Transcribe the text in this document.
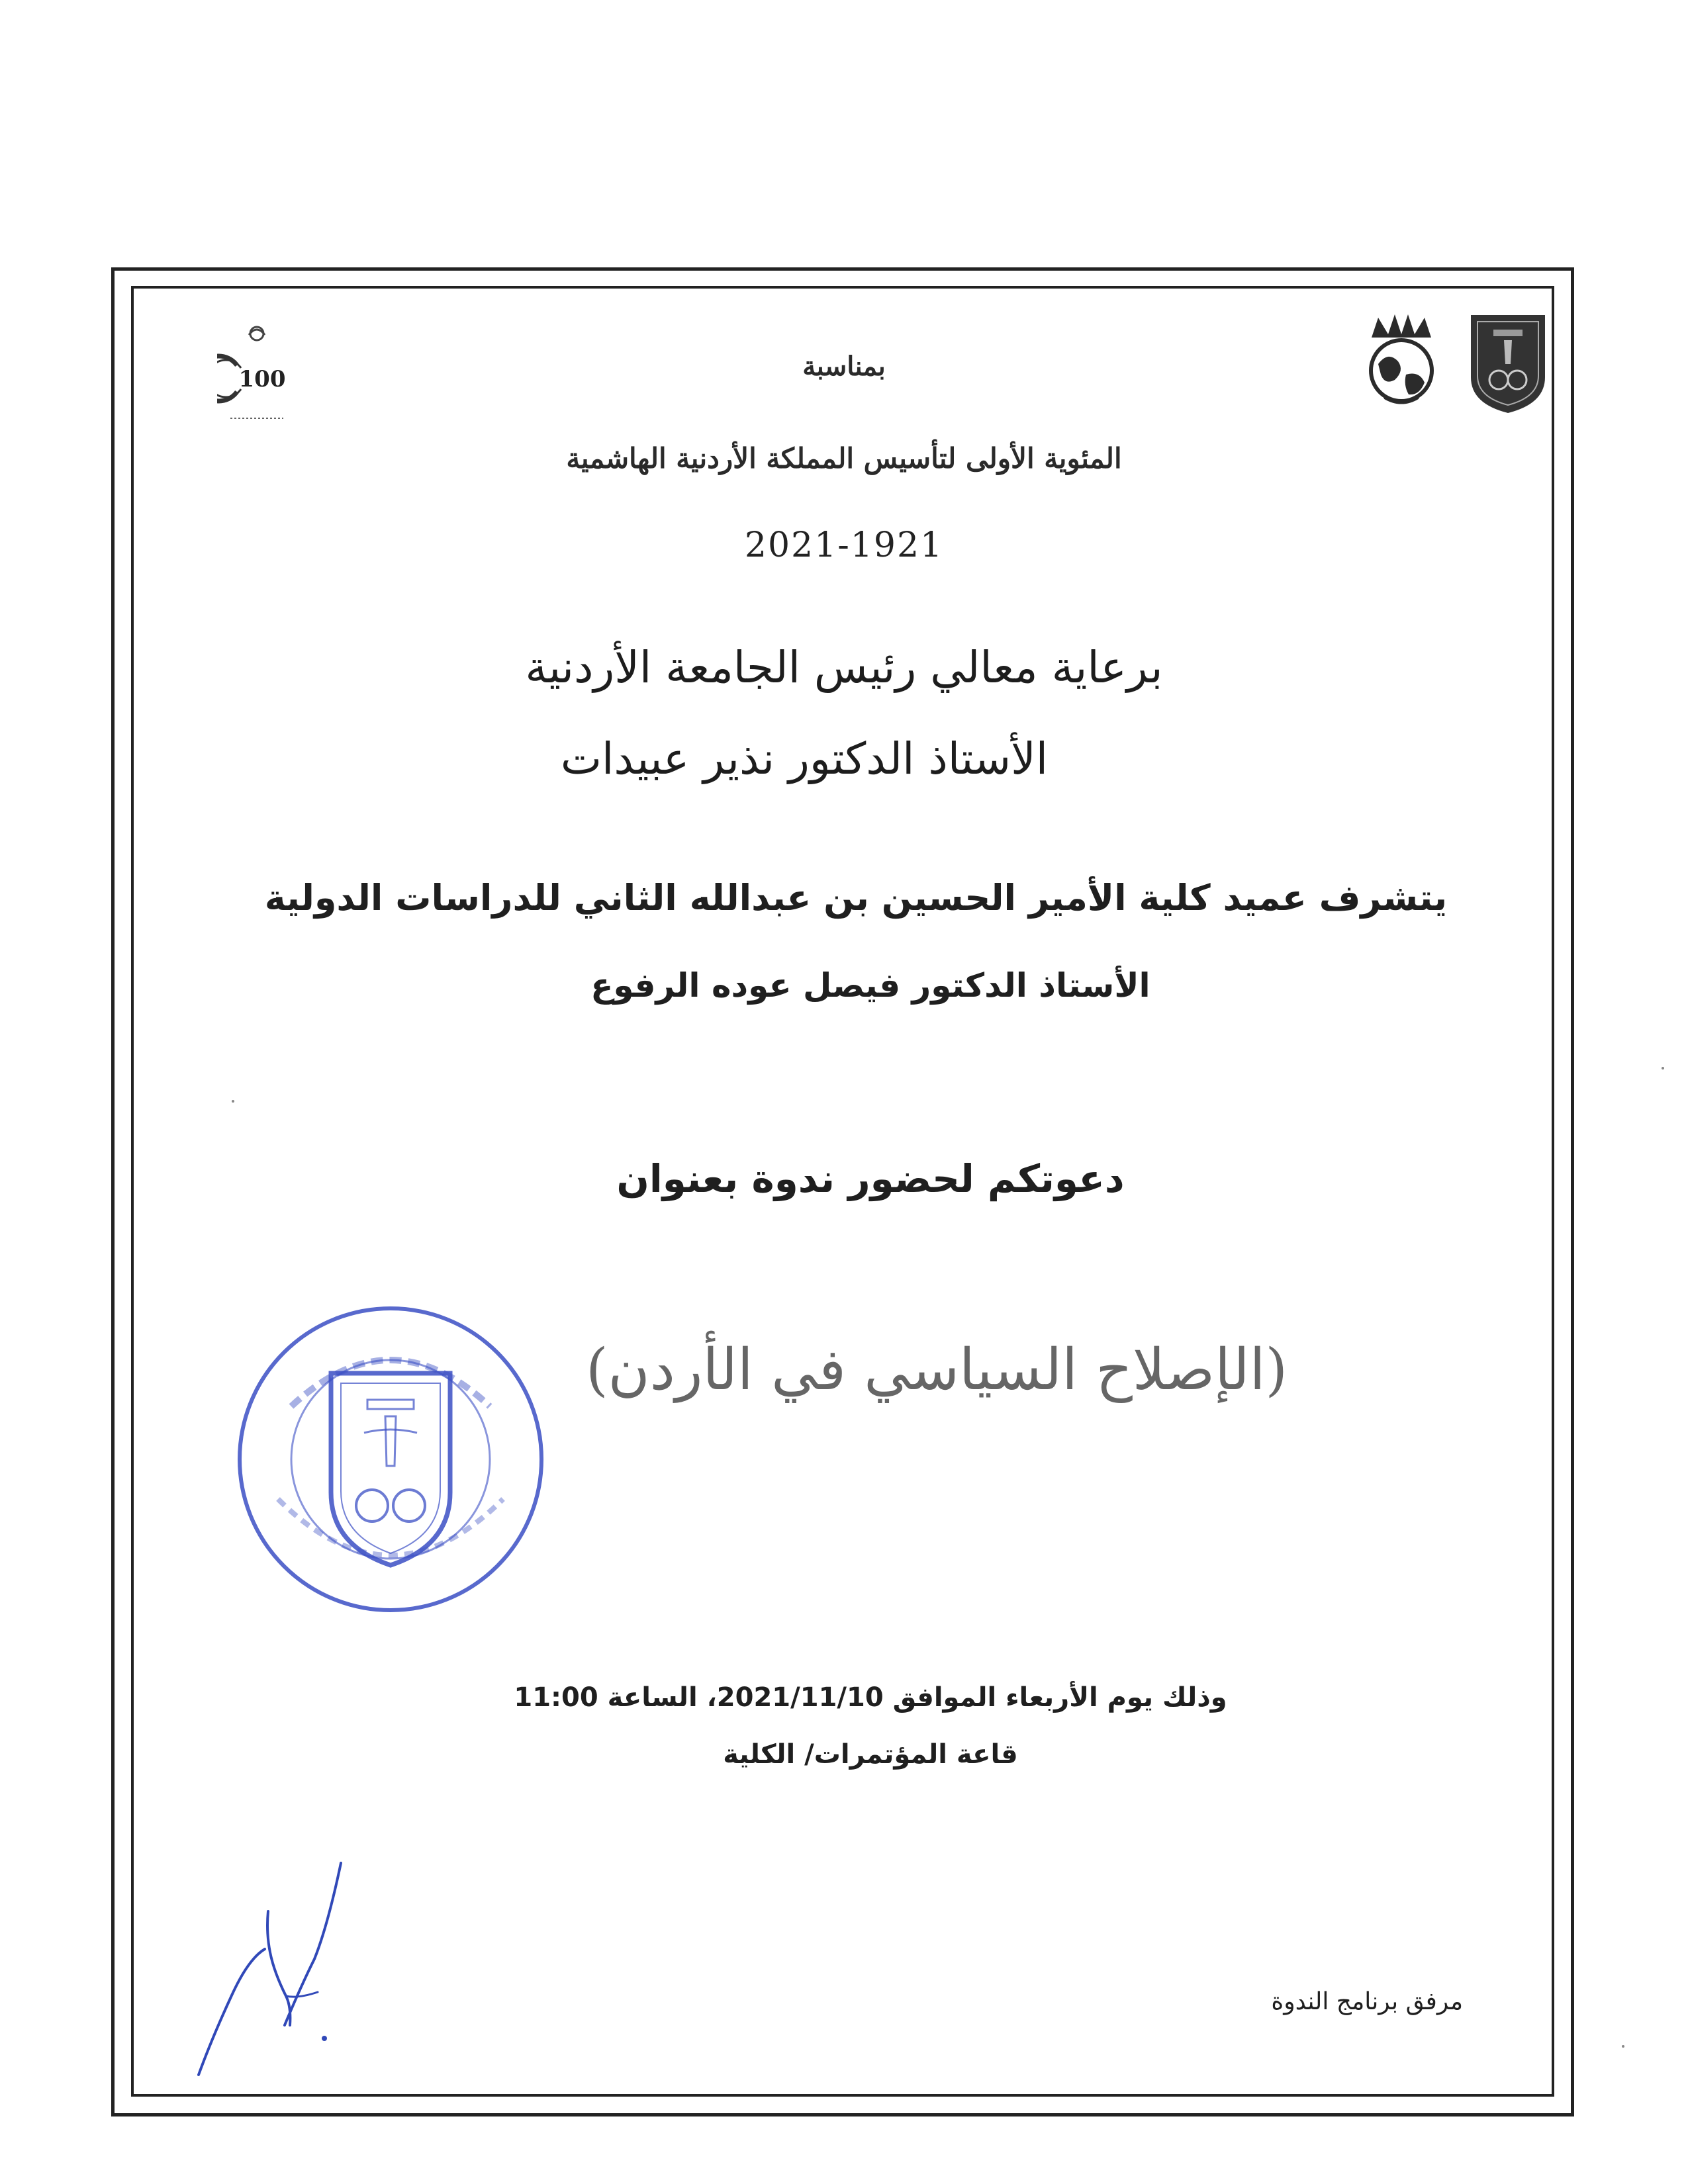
100	بمناسبة
المئوية الأولى لتأسيس المملكة الأردنية الهاشمية
2021-1921
برعاية معالي رئيس الجامعة الأردنية
الأستاذ الدكتور نذير عبيدات
يتشرف عميد كلية الأمير الحسين بن عبدالله الثاني للدراسات الدولية
الأستاذ الدكتور فيصل عوده الرفوع
دعوتكم لحضور ندوة بعنوان
(الإصلاح السياسي في الأردن)
وذلك يوم الأربعاء الموافق 2021/11/10، الساعة 11:00
قاعة المؤتمرات/ الكلية
مرفق برنامج الندوة
